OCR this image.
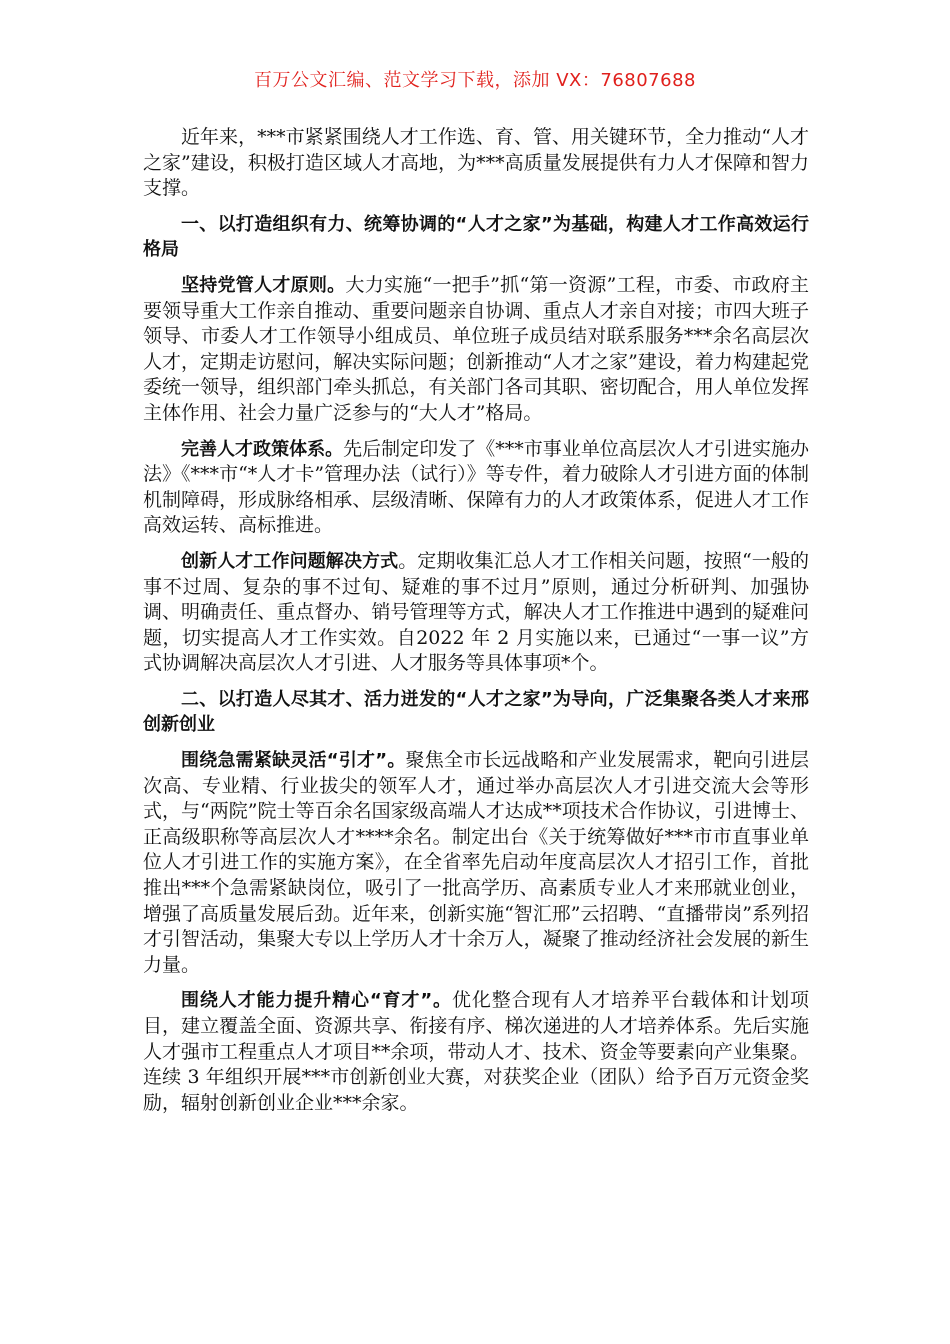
百万公文汇编、范文学习下载，添加 VX：76807688

近年来，***市紧紧围绕人才工作选、育、管、用关键环节，全力推动“人才之家”建设，积极打造区域人才高地，为***高质量发展提供有力人才保障和智力支撑。

一、以打造组织有力、统筹协调的“人才之家”为基础，构建人才工作高效运行格局

坚持党管人才原则。大力实施“一把手”抓“第一资源”工程，市委、市政府主要领导重大工作亲自推动、重要问题亲自协调、重点人才亲自对接；市四大班子领导、市委人才工作领导小组成员、单位班子成员结对联系服务***余名高层次人才，定期走访慰问，解决实际问题；创新推动“人才之家”建设，着力构建起党委统一领导，组织部门牵头抓总，有关部门各司其职、密切配合，用人单位发挥主体作用、社会力量广泛参与的“大人才”格局。

完善人才政策体系。先后制定印发了《***市事业单位高层次人才引进实施办法》《***市“*人才卡”管理办法（试行）》等专件，着力破除人才引进方面的体制机制障碍，形成脉络相承、层级清晰、保障有力的人才政策体系，促进人才工作高效运转、高标推进。

创新人才工作问题解决方式。定期收集汇总人才工作相关问题，按照“一般的事不过周、复杂的事不过旬、疑难的事不过月”原则，通过分析研判、加强协调、明确责任、重点督办、销号管理等方式，解决人才工作推进中遇到的疑难问题，切实提高人才工作实效。自2022 年 2 月实施以来，已通过“一事一议”方式协调解决高层次人才引进、人才服务等具体事项*个。

二、以打造人尽其才、活力迸发的“人才之家”为导向，广泛集聚各类人才来邢创新创业

围绕急需紧缺灵活“引才”。聚焦全市长远战略和产业发展需求，靶向引进层次高、专业精、行业拔尖的领军人才，通过举办高层次人才引进交流大会等形式，与“两院”院士等百余名国家级高端人才达成**项技术合作协议，引进博士、正高级职称等高层次人才****余名。制定出台《关于统筹做好***市市直事业单位人才引进工作的实施方案》，在全省率先启动年度高层次人才招引工作，首批推出***个急需紧缺岗位，吸引了一批高学历、高素质专业人才来邢就业创业，增强了高质量发展后劲。近年来，创新实施“智汇邢”云招聘、“直播带岗”系列招才引智活动，集聚大专以上学历人才十余万人，凝聚了推动经济社会发展的新生力量。

围绕人才能力提升精心“育才”。优化整合现有人才培养平台载体和计划项目，建立覆盖全面、资源共享、衔接有序、梯次递进的人才培养体系。先后实施人才强市工程重点人才项目**余项，带动人才、技术、资金等要素向产业集聚。连续 3 年组织开展***市创新创业大赛，对获奖企业（团队）给予百万元资金奖励，辐射创新创业企业***余家。
